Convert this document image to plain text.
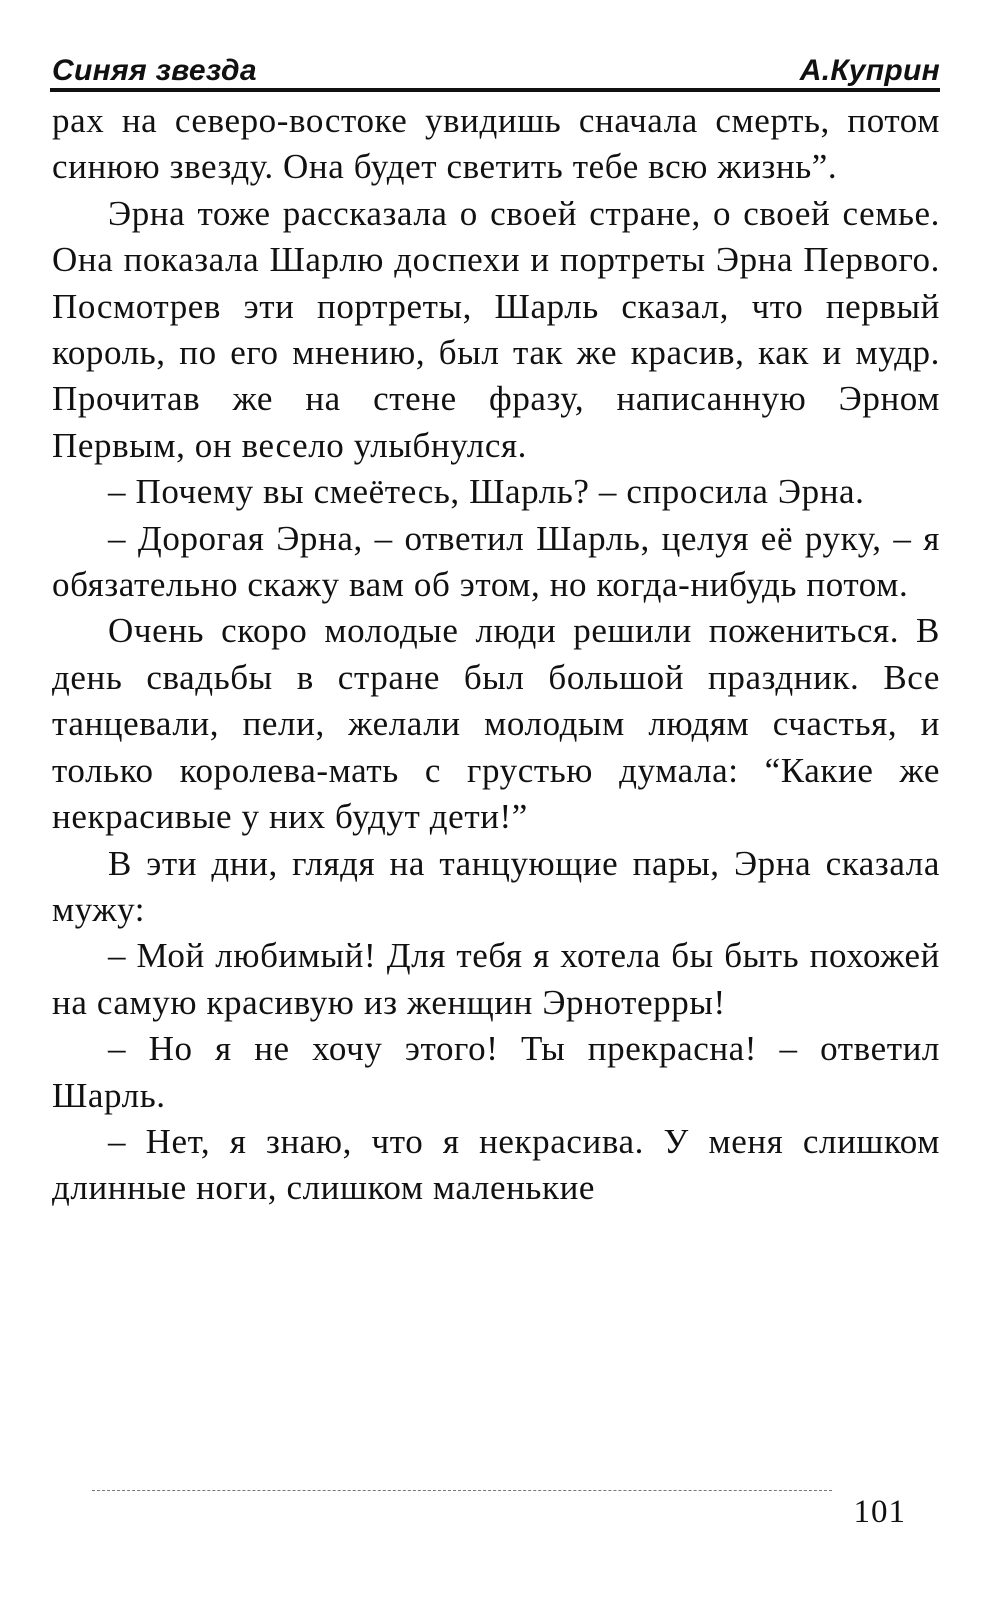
Синяя звезда	А.Куприн

рах на северо-востоке увидишь сначала смерть, потом синюю звезду. Она будет светить тебе всю жизнь”.

Эрна тоже рассказала о своей стране, о своей семье. Она показала Шарлю доспехи и портреты Эрна Первого. Посмотрев эти портреты, Шарль сказал, что первый король, по его мнению, был так же красив, как и мудр. Прочитав же на стене фразу, написанную Эрном Первым, он весело улыбнулся.

– Почему вы смеётесь, Шарль? – спросила Эрна.

– Дорогая Эрна, – ответил Шарль, целуя её руку, – я обязательно скажу вам об этом, но когда-нибудь потом.

Очень скоро молодые люди решили пожениться. В день свадьбы в стране был большой праздник. Все танцевали, пели, желали молодым людям счастья, и только королева-мать с грустью думала: “Какие же некрасивые у них будут дети!”

В эти дни, глядя на танцующие пары, Эрна сказала мужу:

– Мой любимый! Для тебя я хотела бы быть похожей на самую красивую из женщин Эрнотерры!

– Но я не хочу этого! Ты прекрасна! – ответил Шарль.

– Нет, я знаю, что я некрасива. У меня слишком длинные ноги, слишком маленькие

101
